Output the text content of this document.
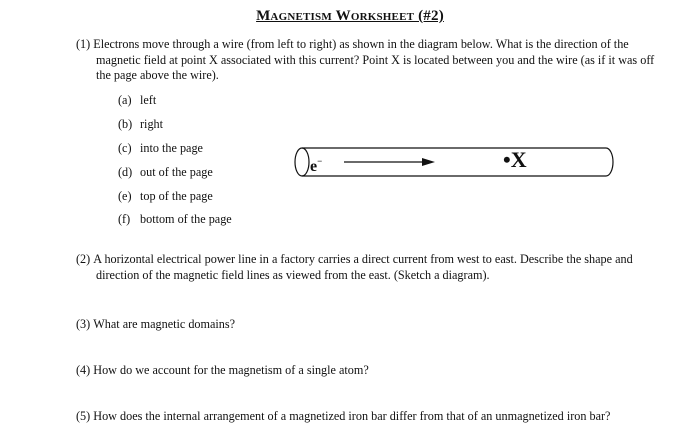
Magnetism Worksheet (#2)
(1) Electrons move through a wire (from left to right) as shown in the diagram below. What is the direction of the magnetic field at point X associated with this current? Point X is located between you and the wire (as if it was off the page above the wire).
(a) left
(b) right
(c) into the page
(d) out of the page
(e) top of the page
(f) bottom of the page
e−	•X
(2) A horizontal electrical power line in a factory carries a direct current from west to east. Describe the shape and direction of the magnetic field lines as viewed from the east. (Sketch a diagram).
(3) What are magnetic domains?
(4) How do we account for the magnetism of a single atom?
(5) How does the internal arrangement of a magnetized iron bar differ from that of an unmagnetized iron bar?
